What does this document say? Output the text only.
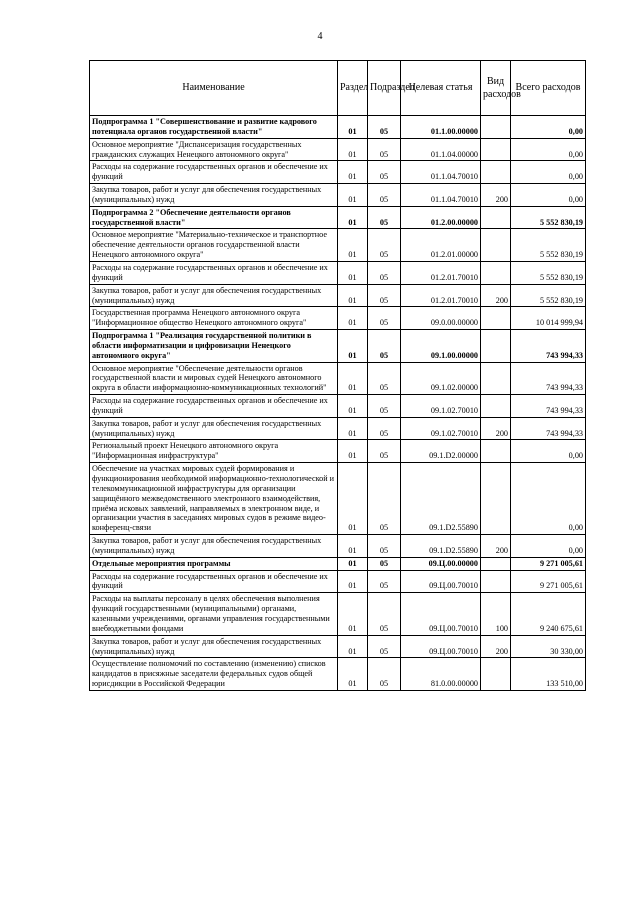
4
Наименование	Раздел	Подраздел	Целевая статья	Вид расходов	Всего расходов
Подпрограмма 1 "Совершенствование и развитие кадрового потенциала органов государственной власти"	01	05	01.1.00.00000		0,00
Основное мероприятие "Диспансеризация государственных гражданских служащих Ненецкого автономного округа"	01	05	01.1.04.00000		0,00
Расходы на содержание государственных органов и обеспечение их функций	01	05	01.1.04.70010		0,00
Закупка товаров, работ и услуг для обеспечения государственных (муниципальных) нужд	01	05	01.1.04.70010	200	0,00
Подпрограмма 2 "Обеспечение деятельности органов государственной власти"	01	05	01.2.00.00000		5 552 830,19
Основное мероприятие "Материально-техническое и транспортное обеспечение деятельности органов государственной власти Ненецкого автономного округа"	01	05	01.2.01.00000		5 552 830,19
Расходы на содержание государственных органов и обеспечение их функций	01	05	01.2.01.70010		5 552 830,19
Закупка товаров, работ и услуг для обеспечения государственных (муниципальных) нужд	01	05	01.2.01.70010	200	5 552 830,19
Государственная программа Ненецкого автономного округа "Информационное общество Ненецкого автономного округа"	01	05	09.0.00.00000		10 014 999,94
Подпрограмма 1 "Реализация государственной политики в области информатизации и цифровизации Ненецкого автономного округа"	01	05	09.1.00.00000		743 994,33
Основное мероприятие "Обеспечение деятельности органов государственной власти и мировых судей Ненецкого автономного округа в области информационно-коммуникационных технологий"	01	05	09.1.02.00000		743 994,33
Расходы на содержание государственных органов и обеспечение их функций	01	05	09.1.02.70010		743 994,33
Закупка товаров, работ и услуг для обеспечения государственных (муниципальных) нужд	01	05	09.1.02.70010	200	743 994,33
Региональный проект Ненецкого автономного округа "Информационная инфраструктура"	01	05	09.1.D2.00000		0,00
Обеспечение на участках мировых судей формирования и функционирования необходимой информационно-технологической и телекоммуникационной инфраструктуры для организации защищённого межведомственного электронного взаимодействия, приёма исковых заявлений, направляемых в электронном виде, и организации участия в заседаниях мировых судов в режиме видео-конференц-связи	01	05	09.1.D2.55890		0,00
Закупка товаров, работ и услуг для обеспечения государственных (муниципальных) нужд	01	05	09.1.D2.55890	200	0,00
Отдельные мероприятия программы	01	05	09.Ц.00.00000		9 271 005,61
Расходы на содержание государственных органов и обеспечение их функций	01	05	09.Ц.00.70010		9 271 005,61
Расходы на выплаты персоналу в целях обеспечения выполнения функций государственными (муниципальными) органами, казенными учреждениями, органами управления государственными внебюджетными фондами	01	05	09.Ц.00.70010	100	9 240 675,61
Закупка товаров, работ и услуг для обеспечения государственных (муниципальных) нужд	01	05	09.Ц.00.70010	200	30 330,00
Осуществление полномочий по составлению (изменению) списков кандидатов в присяжные заседатели федеральных судов общей юрисдикции в Российской Федерации	01	05	81.0.00.00000		133 510,00
